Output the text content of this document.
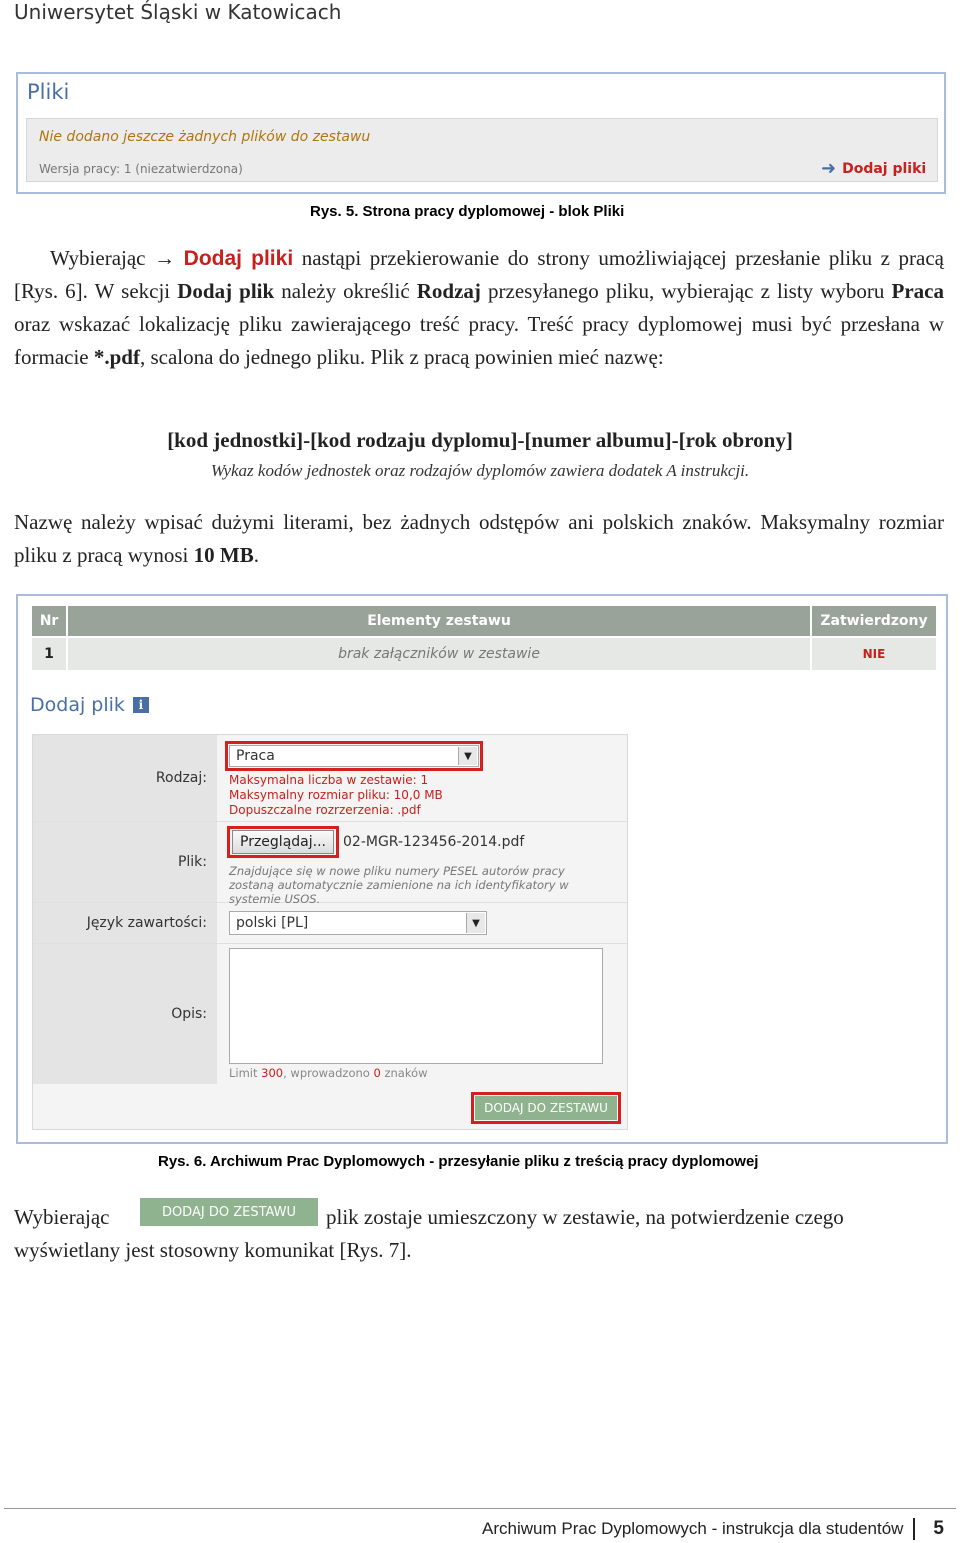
Uniwersytet Śląski w Katowicach
Pliki
Nie dodano jeszcze żadnych plików do zestawu
Wersja pracy: 1 (niezatwierdzona)	➜ Dodaj pliki
Rys. 5. Strona pracy dyplomowej - blok Pliki
Wybierając → Dodaj pliki nastąpi przekierowanie do strony umożliwiającej przesłanie pliku z pracą [Rys. 6]. W sekcji Dodaj plik należy określić Rodzaj przesyłanego pliku, wybierając z listy wyboru Praca oraz wskazać lokalizację pliku zawierającego treść pracy. Treść pracy dyplomowej musi być przesłana w formacie *.pdf, scalona do jednego pliku. Plik z pracą powinien mieć nazwę:
[kod jednostki]-[kod rodzaju dyplomu]-[numer albumu]-[rok obrony]
Wykaz kodów jednostek oraz rodzajów dyplomów zawiera dodatek A instrukcji.
Nazwę należy wpisać dużymi literami, bez żadnych odstępów ani polskich znaków. Maksymalny rozmiar pliku z pracą wynosi 10 MB.
Nr	Elementy zestawu	Zatwierdzony
1	brak załączników w zestawie	NIE
Dodaj plik	i
Rodzaj:
Praca	▼
Maksymalna liczba w zestawie: 1
Maksymalny rozmiar pliku: 10,0 MB
Dopuszczalne rozrzerzenia: .pdf
Plik:
Przeglądaj...	02-MGR-123456-2014.pdf
Znajdujące się w nowe pliku numery PESEL autorów pracy zostaną automatycznie zamienione na ich identyfikatory w systemie USOS.
Język zawartości:	polski [PL]	▼
Opis:
Limit 300, wprowadzono 0 znaków
DODAJ DO ZESTAWU
Rys. 6. Archiwum Prac Dyplomowych - przesyłanie pliku z treścią pracy dyplomowej
Wybierając	DODAJ DO ZESTAWU	plik zostaje umieszczony w zestawie, na potwierdzenie czego
wyświetlany jest stosowny komunikat [Rys. 7].
Archiwum Prac Dyplomowych - instrukcja dla studentów 5
